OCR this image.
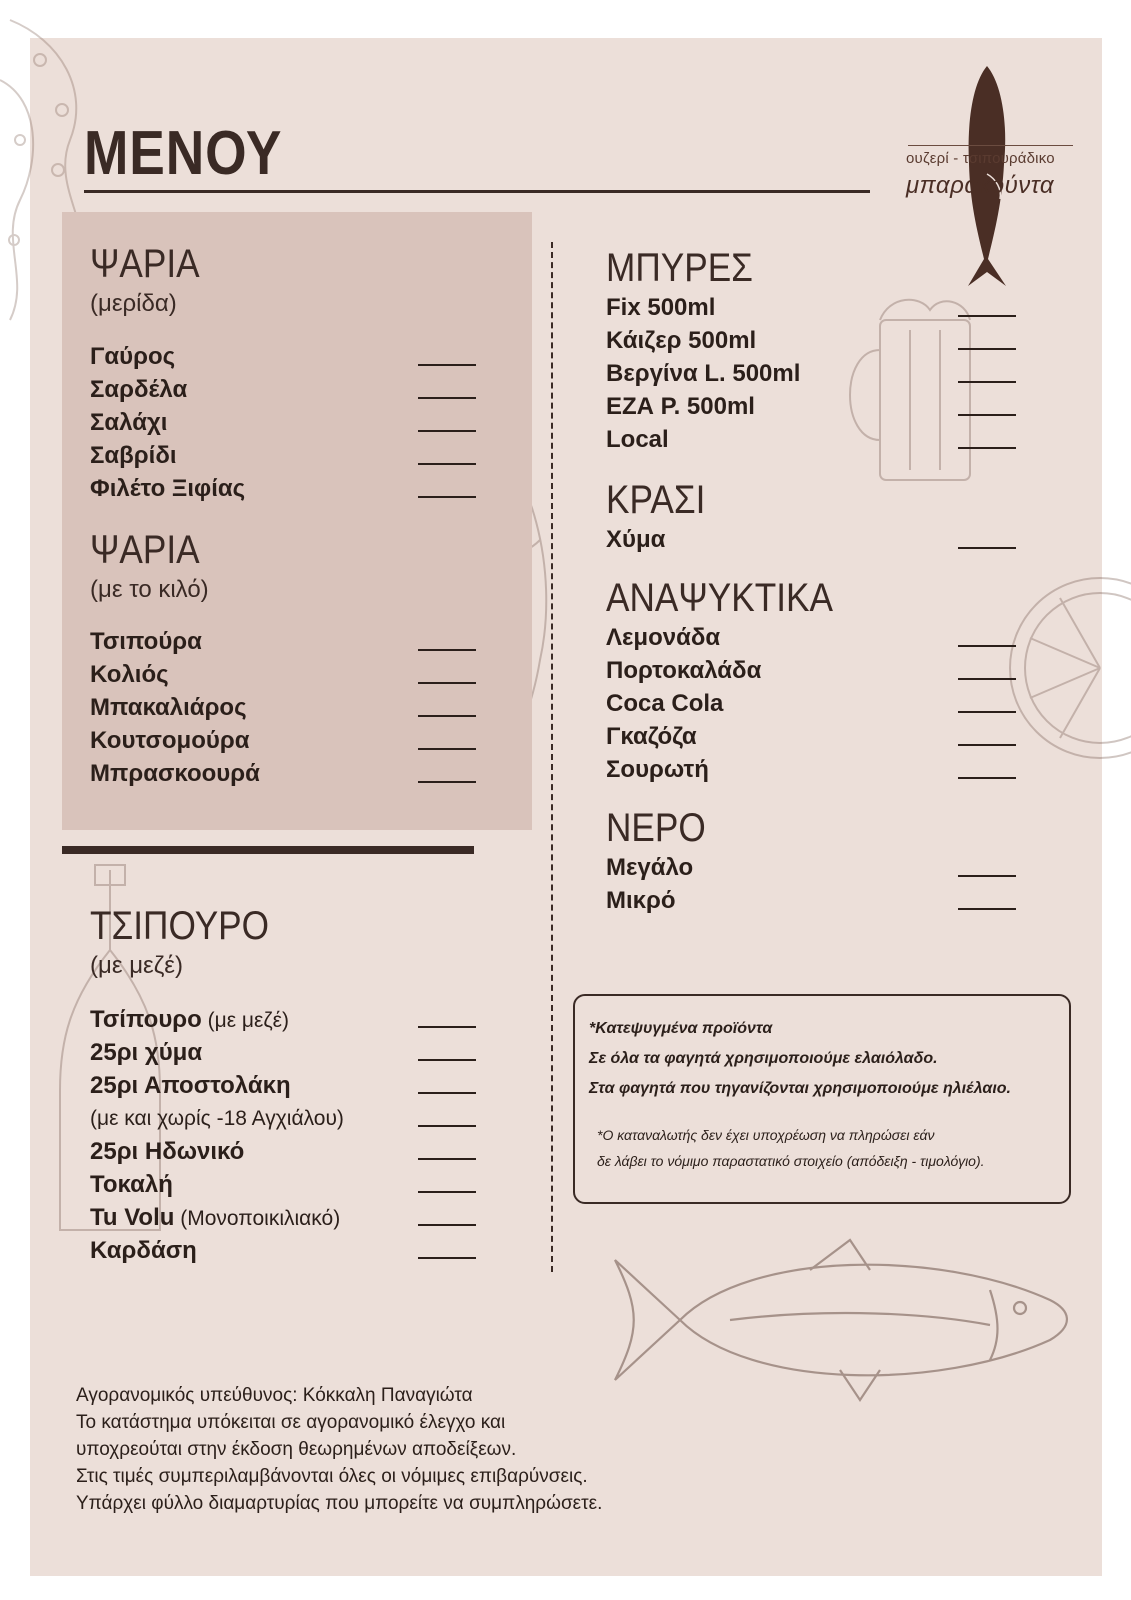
ΜΕΝΟΥ	ουζερί - τσιπουράδικο
μπαρακούντα
ΨΑΡΙΑ
(μερίδα)
Γαύρος
Σαρδέλα
Σαλάχι
Σαβρίδι
Φιλέτο Ξιφίας
ΨΑΡΙΑ
(με το κιλό)
Τσιπούρα
Κολιός
Μπακαλιάρος
Κουτσομούρα
Μπρασκοουρά
ΤΣΙΠΟΥΡΟ
(με μεζέ)
Τσίπουρο (με μεζέ)
25ρι χύμα
25ρι Αποστολάκη
(με και χωρίς -18 Αγχιάλου)
25ρι Ηδωνικό
Τοκαλή
Tu Volu (Μονοποικιλιακό)
Καρδάση
ΜΠΥΡΕΣ
Fix 500ml
Κάιζερ 500ml
Βεργίνα L. 500ml
ΕΖΑ P. 500ml
Local
ΚΡΑΣΙ
Χύμα
ΑΝΑΨΥΚΤΙΚΑ
Λεμονάδα
Πορτοκαλάδα
Coca Cola
Γκαζόζα
Σουρωτή
ΝΕΡΟ
Μεγάλο
Μικρό
*Κατεψυγμένα προϊόντα
Σε όλα τα φαγητά χρησιμοποιούμε ελαιόλαδο.
Στα φαγητά που τηγανίζονται χρησιμοποιούμε ηλιέλαιο.
*Ο καταναλωτής δεν έχει υποχρέωση να πληρώσει εάν
δε λάβει το νόμιμο παραστατικό στοιχείο (απόδειξη - τιμολόγιο).
Αγορανομικός υπεύθυνος: Κόκκαλη Παναγιώτα
Το κατάστημα υπόκειται σε αγορανομικό έλεγχο και
υποχρεούται στην έκδοση θεωρημένων αποδείξεων.
Στις τιμές συμπεριλαμβάνονται όλες οι νόμιμες επιβαρύνσεις.
Υπάρχει φύλλο διαμαρτυρίας που μπορείτε να συμπληρώσετε.
